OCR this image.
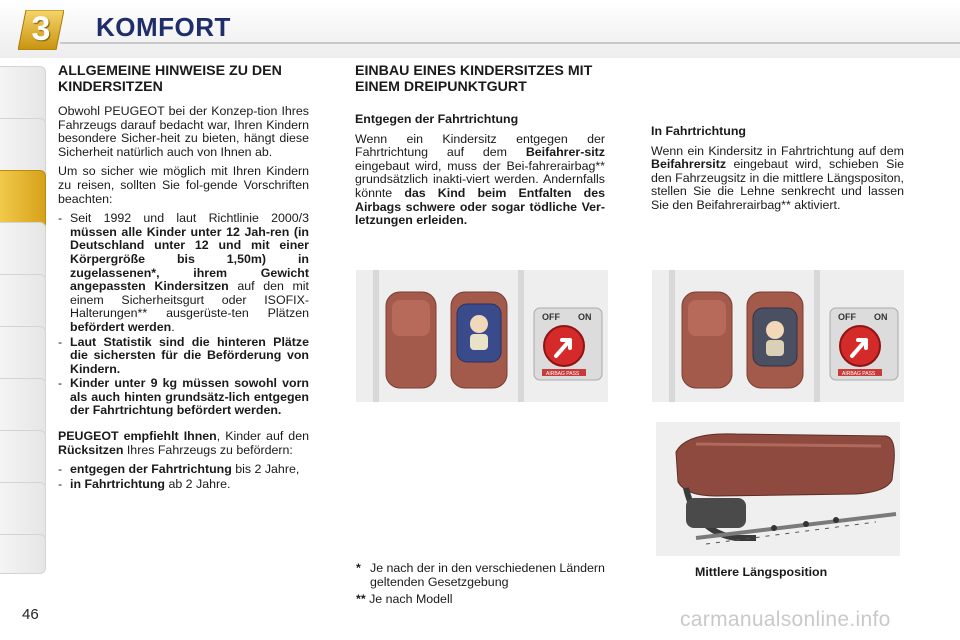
3	KOMFORT
ALLGEMEINE HINWEISE ZU DEN KINDERSITZEN

Obwohl PEUGEOT bei der Konzep-tion Ihres Fahrzeugs darauf bedacht war, Ihren Kindern besondere Sicher-heit zu bieten, hängt diese Sicherheit natürlich auch von Ihnen ab.

Um so sicher wie möglich mit Ihren Kindern zu reisen, sollten Sie fol-gende Vorschriften beachten:

- Seit 1992 und laut Richtlinie 2000/3 müssen alle Kinder unter 12 Jah-ren (in Deutschland unter 12 und mit einer Körpergröße bis 1,50m) in zugelassenen*, ihrem Gewicht angepassten Kindersitzen auf den mit einem Sicherheitsgurt oder ISOFIX-Halterungen** ausgerüste-ten Plätzen befördert werden.
- Laut Statistik sind die hinteren Plätze die sichersten für die Beförderung von Kindern.
- Kinder unter 9 kg müssen sowohl vorn als auch hinten grundsätz-lich entgegen der Fahrtrichtung befördert werden.

PEUGEOT empfiehlt Ihnen, Kinder auf den Rücksitzen Ihres Fahrzeugs zu befördern:

- entgegen der Fahrtrichtung bis 2 Jahre,
- in Fahrtrichtung ab 2 Jahre.
EINBAU EINES KINDERSITZES MIT EINEM DREIPUNKTGURT
Entgegen der Fahrtrichtung

Wenn ein Kindersitz entgegen der Fahrtrichtung auf dem Beifahrer-sitz eingebaut wird, muss der Bei-fahrerairbag** grundsätzlich inakti-viert werden. Andernfalls könnte das Kind beim Entfalten des Airbags schwere oder sogar tödliche Ver-letzungen erleiden.

In Fahrtrichtung

Wenn ein Kindersitz in Fahrtrichtung auf dem Beifahrersitz eingebaut wird, schieben Sie den Fahrzeugsitz in die mittlere Längspositon, stellen Sie die Lehne senkrecht und lassen Sie den Beifahrerairbag** aktiviert.

OFF ON
AIRBAG PASS
OFF ON
AIRBAG PASS
* Je nach der in den verschiedenen Ländern geltenden Gesetzgebung
** Je nach Modell
Mittlere Längsposition
46	carmanualsonline.info
